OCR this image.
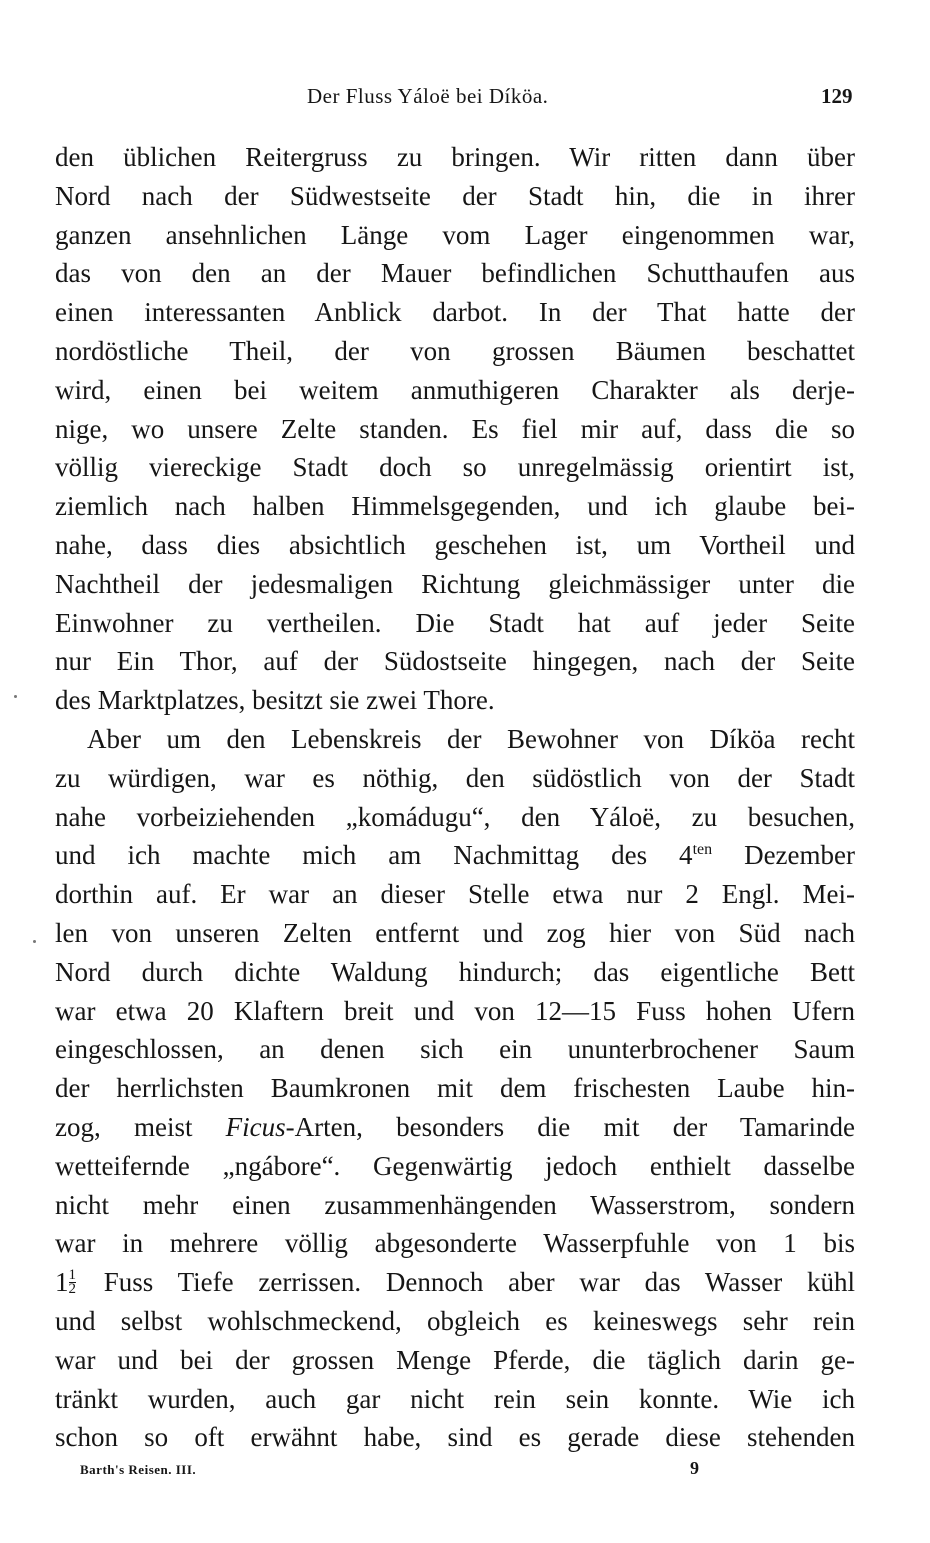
Der Fluss Yáloë bei Díköa.	129
den üblichen Reitergruss zu bringen. Wir ritten dann über
Nord nach der Südwestseite der Stadt hin, die in ihrer
ganzen ansehnlichen Länge vom Lager eingenommen war,
das von den an der Mauer befindlichen Schutthaufen aus
einen interessanten Anblick darbot. In der That hatte der
nordöstliche Theil, der von grossen Bäumen beschattet
wird, einen bei weitem anmuthigeren Charakter als derje-
nige, wo unsere Zelte standen. Es fiel mir auf, dass die so
völlig viereckige Stadt doch so unregelmässig orientirt ist,
ziemlich nach halben Himmelsgegenden, und ich glaube bei-
nahe, dass dies absichtlich geschehen ist, um Vortheil und
Nachtheil der jedesmaligen Richtung gleichmässiger unter die
Einwohner zu vertheilen. Die Stadt hat auf jeder Seite
nur Ein Thor, auf der Südostseite hingegen, nach der Seite
des Marktplatzes, besitzt sie zwei Thore.
Aber um den Lebenskreis der Bewohner von Díköa recht
zu würdigen, war es nöthig, den südöstlich von der Stadt
nahe vorbeiziehenden „komádugu“, den Yáloë, zu besuchen,
und ich machte mich am Nachmittag des $4^{ten}$ Dezember
dorthin auf. Er war an dieser Stelle etwa nur 2 Engl. Mei-
len von unseren Zelten entfernt und zog hier von Süd nach
Nord durch dichte Waldung hindurch; das eigentliche Bett
war etwa 20 Klaftern breit und von 12—15 Fuss hohen Ufern
eingeschlossen, an denen sich ein ununterbrochener Saum
der herrlichsten Baumkronen mit dem frischesten Laube hin-
zog, meist Ficus-Arten, besonders die mit der Tamarinde
wetteifernde „ngábore“. Gegenwärtig jedoch enthielt dasselbe
nicht mehr einen zusammenhängenden Wasserstrom, sondern
war in mehrere völlig abgesonderte Wasserpfuhle von 1 bis
$1 \frac{1}{2}$ Fuss Tiefe zerrissen. Dennoch aber war das Wasser kühl
und selbst wohlschmeckend, obgleich es keineswegs sehr rein
war und bei der grossen Menge Pferde, die täglich darin ge-
tränkt wurden, auch gar nicht rein sein konnte. Wie ich
schon so oft erwähnt habe, sind es gerade diese stehenden
Barth's Reisen. III.	9
